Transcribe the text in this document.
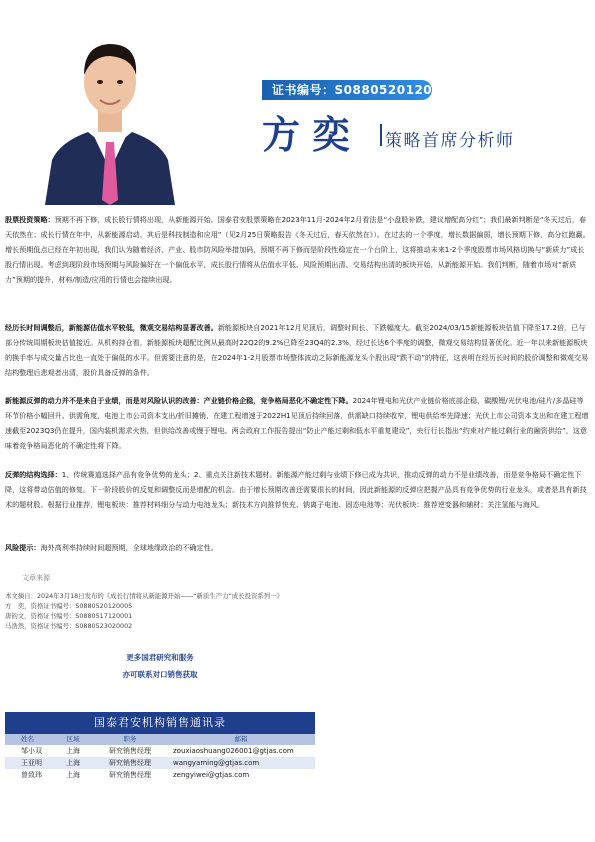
证书编号：S0880520120005
方奕 策略首席分析师

股票投资策略：预期不再下修，成长股行情将出现，从新能源开始。国泰君安股票策略在2023年11月-2024年2月看法是“小盘股补跌，建议增配高分红”；我们最新判断是“冬天过后，春天依然在；成长行情在年中，从新能源启动，其后是科技制造和应用”（见2月25日策略报告《冬天过后，春天依然在》）。在过去的一个季度，增长数据偏弱，增长预期下修，高分红跑赢。增长预期低点已经在年初出现，我们认为随着经济、产业、股市防风险举措加码，预期不再下修而是阶段性稳定在一个台阶上，这将推动未来1-2个季度股票市场风格切换与“新质力”成长股行情出现。考虑到现阶段市场预期与风险偏好在一个偏低水平，成长股行情将从估值水平低、风险预期出清、交易结构出清的板块开始，从新能源开始。我们判断，随着市场对“新质力”预期的提升，材料/制造/应用的行情也会接续出现。

经历长时间调整后，新能源估值水平较低，微观交易结构显著改善。新能源板块自2021年12月见顶后，调整时间长、下跌幅度大。截至2024/03/15新能源板块估值下降至17.2倍，已与部分传统周期板块估值接近。从机构持仓看，新能源板块超配比例从最高时22Q2的9.2%已降至23Q4的2.3%，经过长达6个季度的调整，微观交易结构显著优化。近一年以来新能源板块的换手率与成交量占比也一直处于偏低的水平。但需要注意的是，在2024年1-2月股票市场整体波动之际新能源龙头个股出现“跌不动”的特征，这表明在经历长时间的股价调整和微观交易结构整理后悲观者出清，股价具备反弹的条件。

新能源反弹的动力并不是来自于业绩，而是对风险认识的改善：产业链价格企稳，竞争格局恶化不确定性下降。2024年锂电和光伏产业链价格底部企稳，碳酸锂/光伏电池/硅片/多晶硅等环节价格小幅回升。供需角度，电池上市公司资本支出/折旧摊销、在建工程增速于2022H1见顶后持续回落，供需缺口持续收窄，锂电供给率先降速；光伏上市公司资本支出和在建工程增速截至2023Q3仍在提升，国内装机需求火热，但供给改善或慢于锂电。两会政府工作报告提出“防止产能过剩和低水平重复建设”，央行行长指出“约束对产能过剩行业的融资供给”，这意味着竞争格局恶化的不确定性将下降。

反弹的结构选择：1、传统赛道选择产品有竞争优势的龙头；2、重点关注新技术题材。新能源产能过剩与业绩下修已成为共识，推动反弹的动力不是业绩改善，而是竞争格局不确定性下降，这将带动估值的修复。下一阶段股价的反复和调整反而是增配的机会。由于增长预期改善还需要很长的时间，因此新能源的反弹应把握产品具有竞争优势的行业龙头，或者是具有新技术的题材股。根据行业推荐，锂电板块：推荐材料细分与动力电池龙头；新技术方向推荐快充、钠离子电池、固态电池等；光伏板块：推荐逆变器和辅材；关注氢能与海风。

风险提示：海外高利率持续时间超预期，全球地缘政治的不确定性。

文章来源
本文摘自：2024年3月18日发布的《成长行情将从新能源开始——“新质生产力”成长投资系列一》
方　奕，资格证书编号：S0880520120005
唐钧文，资格证书编号：S0880517120001
马浩然，资格证书编号：S0880523020002
更多国君研究和服务
亦可联系对口销售获取
国泰君安机构销售通讯录
姓名	区域	职务	邮箱
邹小双	上海	研究销售经理	zouxiaoshuang026001@gtjas.com
王亚明	上海	研究销售经理	wangyaming@gtjas.com
曾致玮	上海	研究销售经理	zengyiwei@gtjas.com
